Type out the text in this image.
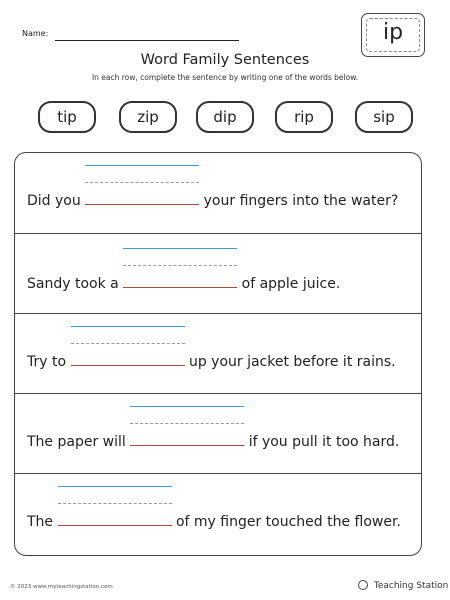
Name:	ip
Word Family Sentences
In each row, complete the sentence by writing one of the words below.
tip	zip	dip	rip	sip
Did you	your fingers into the water?
Sandy took a	of apple juice.
Try to	up your jacket before it rains.
The paper will	if you pull it too hard.
The	of my finger touched the flower.
© 2023 www.myteachingstation.com	Teaching Station
